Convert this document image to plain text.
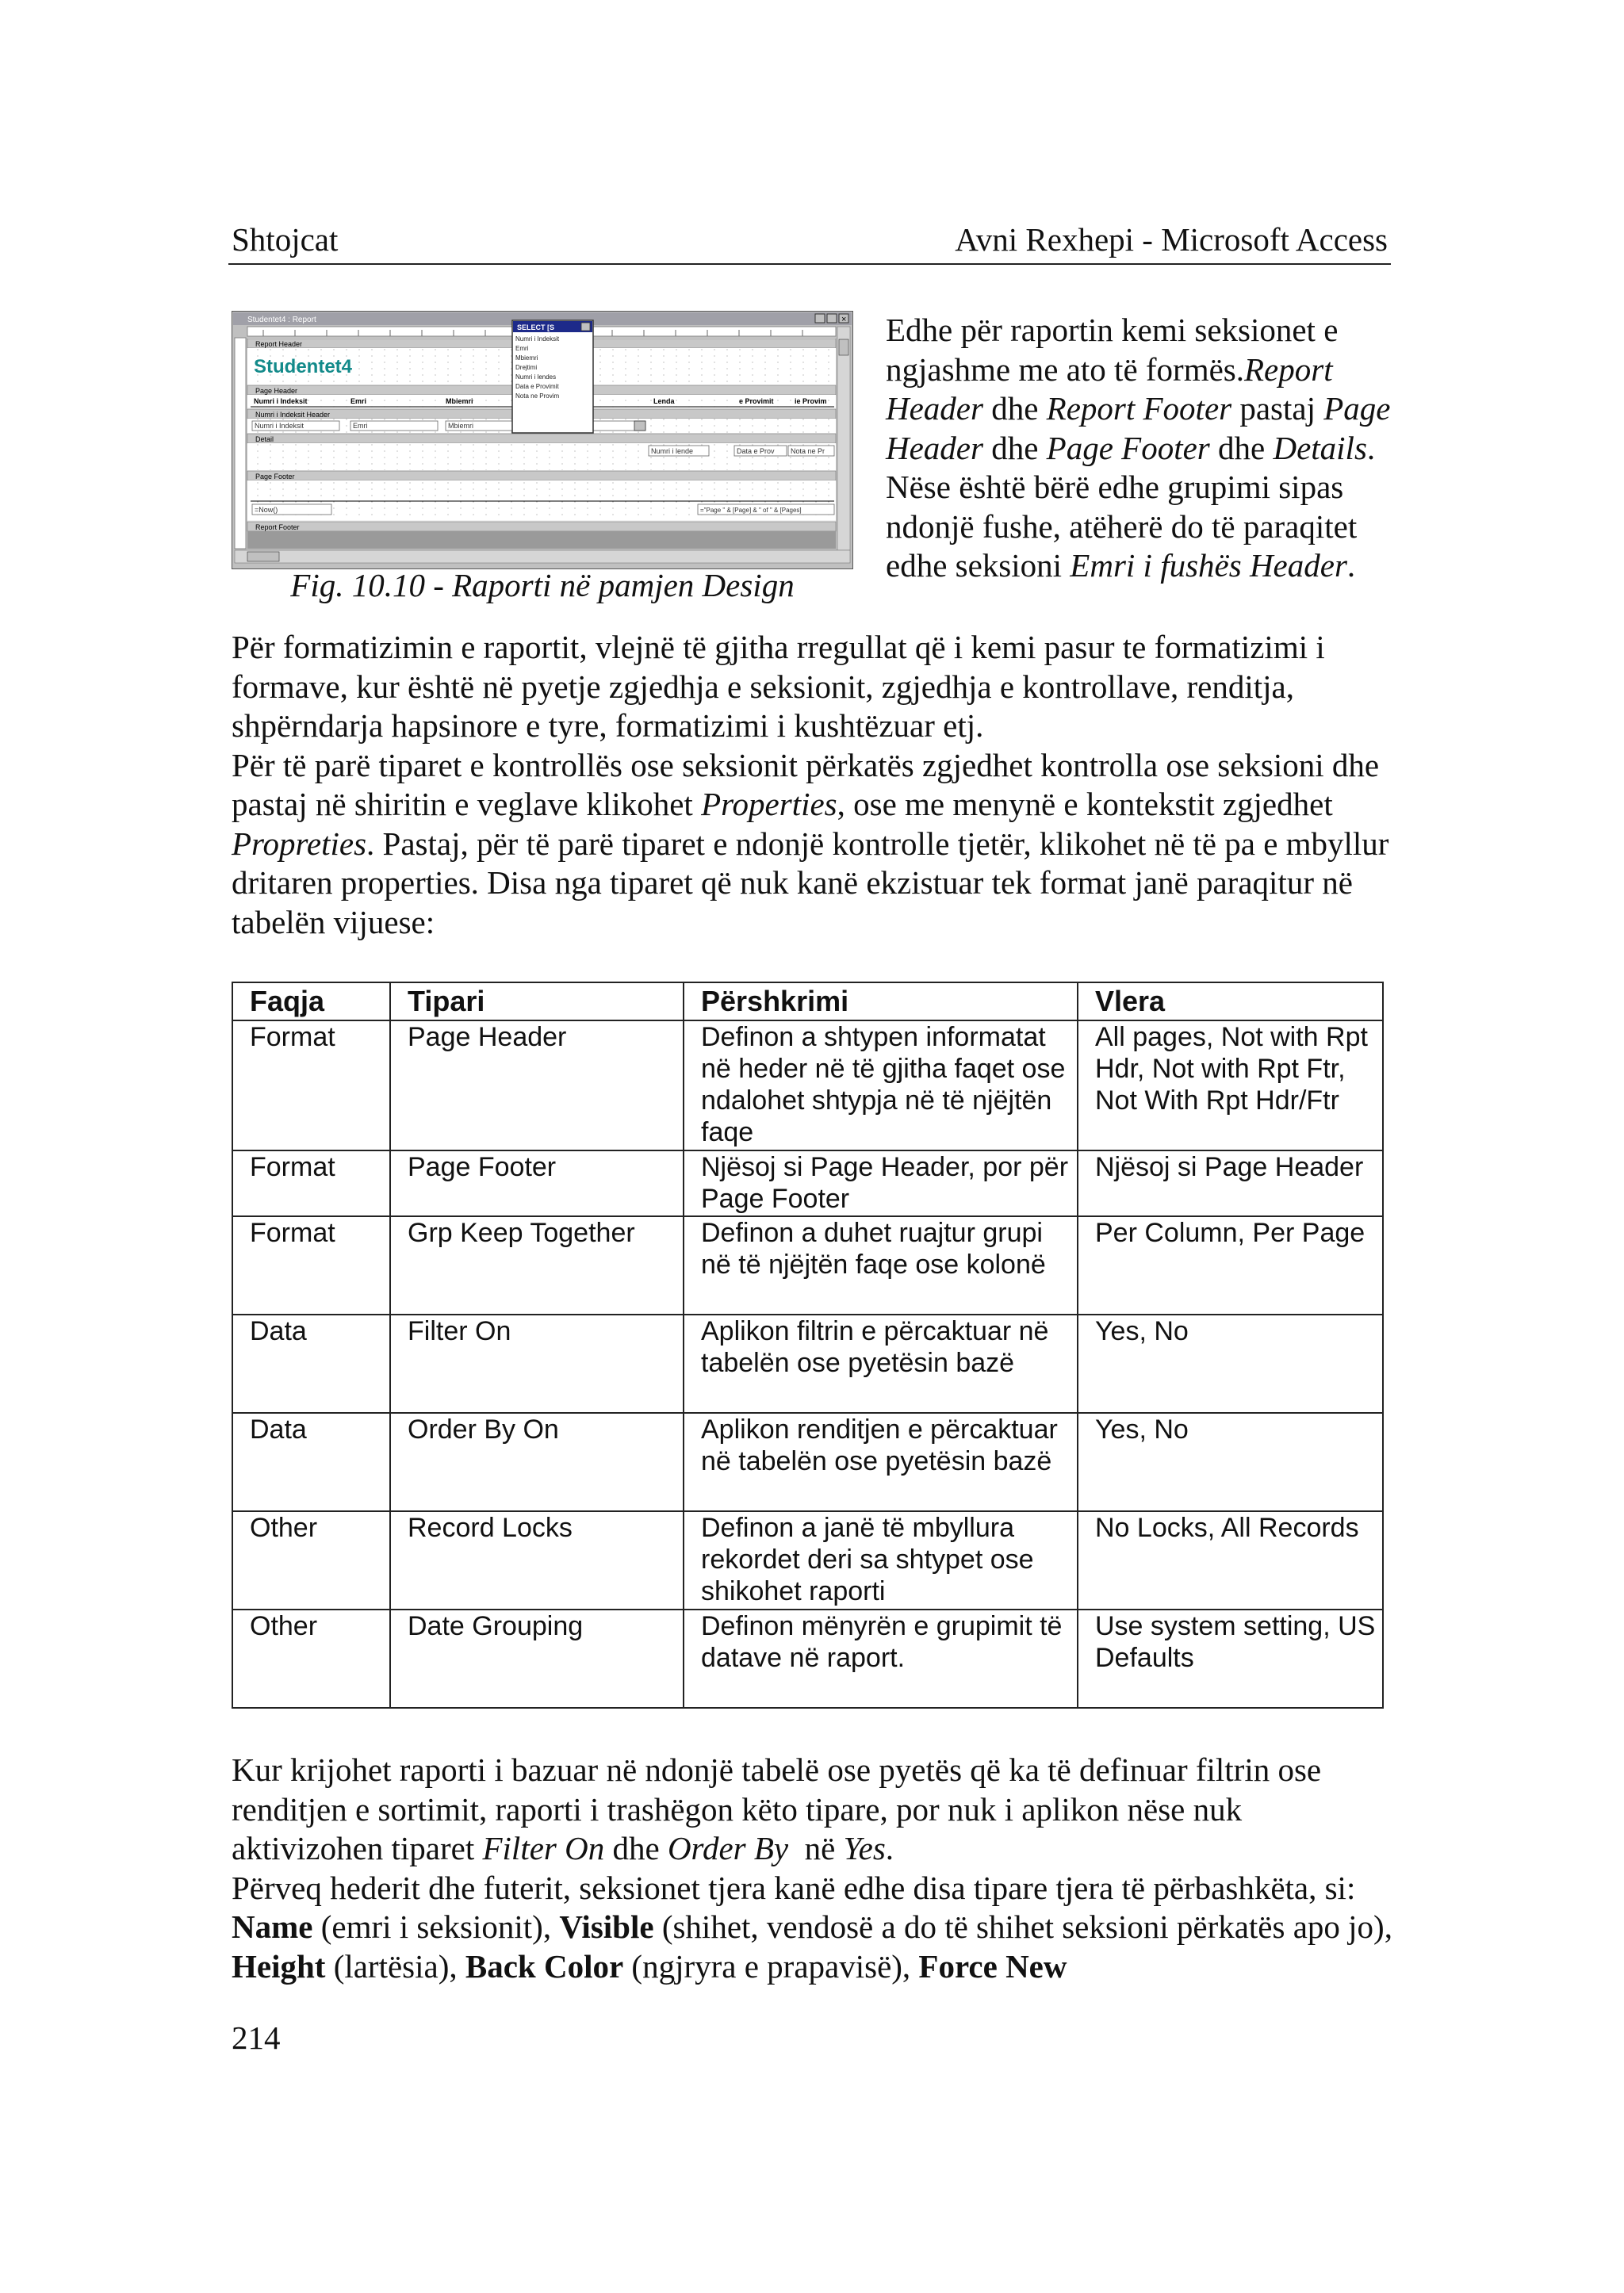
Shtojcat	Avni Rexhepi - Microsoft Access
Studentet4 : Report	×
Report Header
Studentet4
Page Header
Numri i Indeksit	Emri	Mbiemri	Lenda	e Provimit	ie Provim
Numri i Indeksit Header
Numri i Indeksit	Emri	Mbiemri
Detail
Numri i lende	Data e Prov Nota ne Pr
Page Footer
=Now()	="Page " & [Page] & " of " & [Pages]
Report Footer
SELECT [S
Numri i Indeksit
Emri
Mbiemri
Drejtimi
Numri i lendes
Data e Provimit
Nota ne Provim
Fig. 10.10 - Raporti në pamjen Design
Edhe për raportin kemi seksionet e ngjashme me ato të formës.Report Header dhe Report Footer pastaj Page Header dhe Page Footer dhe Details. Nëse është bërë edhe grupimi sipas ndonjë fushe, atëherë do të paraqitet edhe seksioni Emri i fushës Header.
Për formatizimin e raportit, vlejnë të gjitha rregullat që i kemi pasur te formatizimi i formave, kur është në pyetje zgjedhja e seksionit, zgjedhja e kontrollave, renditja, shpërndarja hapsinore e tyre, formatizimi i kushtëzuar etj.
Për të parë tiparet e kontrollës ose seksionit përkatës zgjedhet kontrolla ose seksioni dhe pastaj në shiritin e veglave klikohet Properties, ose me menynë e kontekstit zgjedhet Propreties. Pastaj, për të parë tiparet e ndonjë kontrolle tjetër, klikohet në të pa e mbyllur dritaren properties. Disa nga tiparet që nuk kanë ekzistuar tek format janë paraqitur në tabelën vijuese:
Faqja	Tipari	Përshkrimi	Vlera
Format	Page Header	Definon a shtypen informatat në heder në të gjitha faqet ose ndalohet shtypja në të njëjtën faqe	All pages, Not with Rpt Hdr, Not with Rpt Ftr, Not With Rpt Hdr/Ftr
Format	Page Footer	Njësoj si Page Header, por për Page Footer	Njësoj si Page Header
Format	Grp Keep Together	Definon a duhet ruajtur grupi në të njëjtën faqe ose kolonë	Per Column, Per Page
Data	Filter On	Aplikon filtrin e përcaktuar në tabelën ose pyetësin bazë	Yes, No
Data	Order By On	Aplikon renditjen e përcaktuar në tabelën ose pyetësin bazë	Yes, No
Other	Record Locks	Definon a janë të mbyllura rekordet deri sa shtypet ose shikohet raporti	No Locks, All Records
Other	Date Grouping	Definon mënyrën e grupimit të datave në raport.	Use system setting, US Defaults
Kur krijohet raporti i bazuar në ndonjë tabelë ose pyetës që ka të definuar filtrin ose renditjen e sortimit, raporti i trashëgon këto tipare, por nuk i aplikon nëse nuk aktivizohen tiparet Filter On dhe Order By  në Yes.
Përveq hederit dhe futerit, seksionet tjera kanë edhe disa tipare tjera të përbashkëta, si: Name (emri i seksionit), Visible (shihet, vendosë a do të shihet seksioni përkatës apo jo), Height (lartësia), Back Color (ngjryra e prapavisë), Force New
214
